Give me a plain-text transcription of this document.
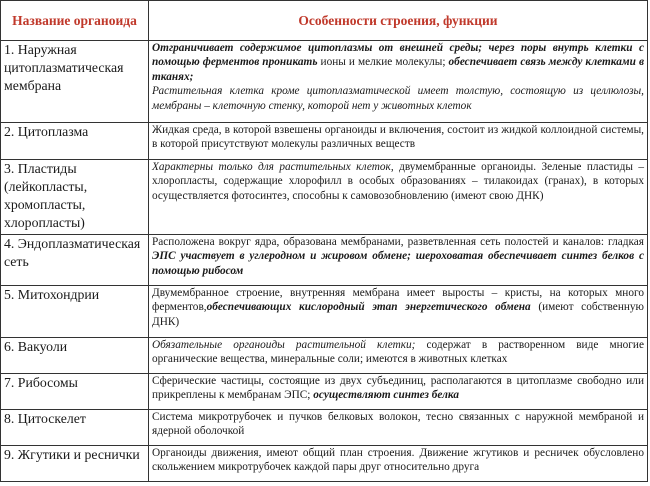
Название органоида	Особенности строения, функции
1. Наружная цитоплазматическая мембрана	Отграничивает содержимое цитоплазмы от внешней среды; через поры внутрь клетки с помощью ферментов проникать ионы и мелкие молекулы; обеспечивает связь между клетками в тканях;

Растительная клетка кроме цитоплазматической имеет толстую, состоящую из целлюлозы, мембраны – клеточную стенку, которой нет у животных клеток

2. Цитоплазма	Жидкая среда, в которой взвешены органоиды и включения, состоит из жидкой коллоидной системы, в которой присутствуют молекулы различных веществ
3. Пластиды (лейкопласты, хромопласты, хлоропласты)	Характерны только для растительных клеток, двумембранные органоиды. Зеленые пластиды – хлоропласты, содержащие хлорофилл в особых образованиях – тилакоидах (гранах), в которых осуществляется фотосинтез, способны к самовозобновлению (имеют свою ДНК)
4. Эндоплазматическая сеть	Расположена вокруг ядра, образована мембранами, разветвленная сеть полостей и каналов: гладкая ЭПС участвует в углеродном и жировом обмене; шероховатая обеспечивает синтез белков с помощью рибосом
5. Митохондрии	Двумембранное строение, внутренняя мембрана имеет выросты – кристы, на которых много ферментов,обеспечивающих кислородный этап энергетического обмена (имеют собственную ДНК)
6. Вакуоли	Обязательные органоиды растительной клетки; содержат в растворенном виде многие органические вещества, минеральные соли; имеются в животных клетках
7. Рибосомы	Сферические частицы, состоящие из двух субъединиц, располагаются в цитоплазме свободно или прикреплены к мембранам ЭПС; осуществляют синтез белка
8. Цитоскелет	Система микротрубочек и пучков белковых волокон, тесно связанных с наружной мембраной и ядерной оболочкой
9. Жгутики и реснички	Органоиды движения, имеют общий план строения. Движение жгутиков и ресничек обусловлено скольжением микротрубочек каждой пары друг относительно друга
